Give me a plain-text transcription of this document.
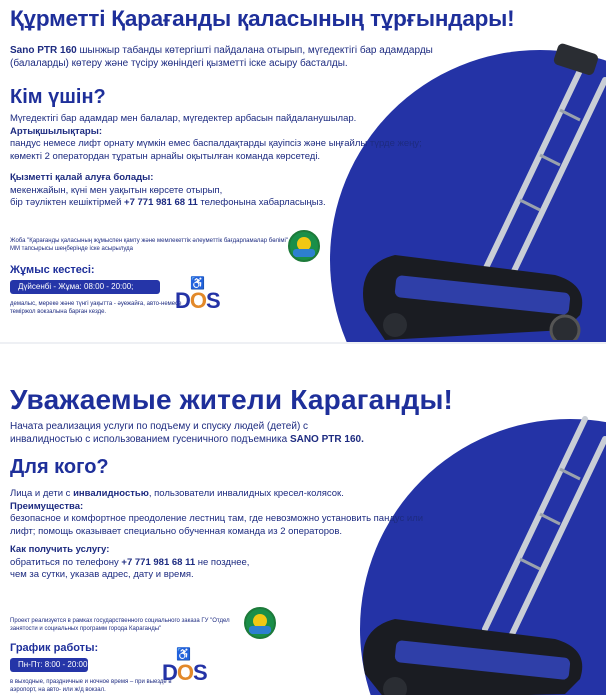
Құрметті Қарағанды қаласының тұрғындары!
Sano PTR 160 шынжыр табанды көтергішті пайдалана отырып, мүгедектігі бар адамдарды (балаларды) көтеру және түсіру жөніндегі қызметті іске асыру басталды.
Кім үшін?
Мүгедектігі бар адамдар мен балалар, мүгедектер арбасын пайдаланушылар.
Артықшылықтары:
пандус немесе лифт орнату мүмкін емес баспалдақтарды қауіпсіз және ыңғайлы түрде жеңу; көмекті 2 оператордан тұратын арнайы оқытылған команда көрсетеді.
Қызметті қалай алуға болады:
мекенжайын, күні мен уақытын көрсете отырып,
бір тәуліктен кешіктірмей +7 771 981 68 11 телефонына хабарласыңыз.
Жоба "Қарағанды қаласының жұмыспен қамту және мемлекеттік әлеуметтік бағдарламалар бөлімі" ММ тапсырысы шеңберінде іске асырылуда
Жұмыс кестесі:
Дүйсенбі - Жұма: 08:00 - 20:00;
демалыс, мереке және түнгі уақытта - әуежайға, авто-немесе теміржол вокзалына барған кезде.
♿
DOS
Уважаемые жители Караганды!
Начата реализация услуги по подъему и спуску людей (детей) с инвалидностью с использованием гусеничного подъемника SANO PTR 160.
Для кого?
Лица и дети с инвалидностью, пользователи инвалидных кресел-колясок.
Преимущества:
безопасное и комфортное преодоление лестниц там, где невозможно установить пандус или лифт; помощь оказывает специально обученная команда из 2 операторов.
Как получить услугу:
обратиться по телефону +7 771 981 68 11 не позднее,
чем за сутки, указав адрес, дату и время.
Проект реализуется в рамках государственного социального заказа ГУ "Отдел занятости и социальных программ города Караганды"
График работы:
Пн-Пт: 8:00 - 20:00
в выходные, праздничные и ночное время – при выезде в аэропорт, на авто- или ж/д вокзал.
♿
DOS
